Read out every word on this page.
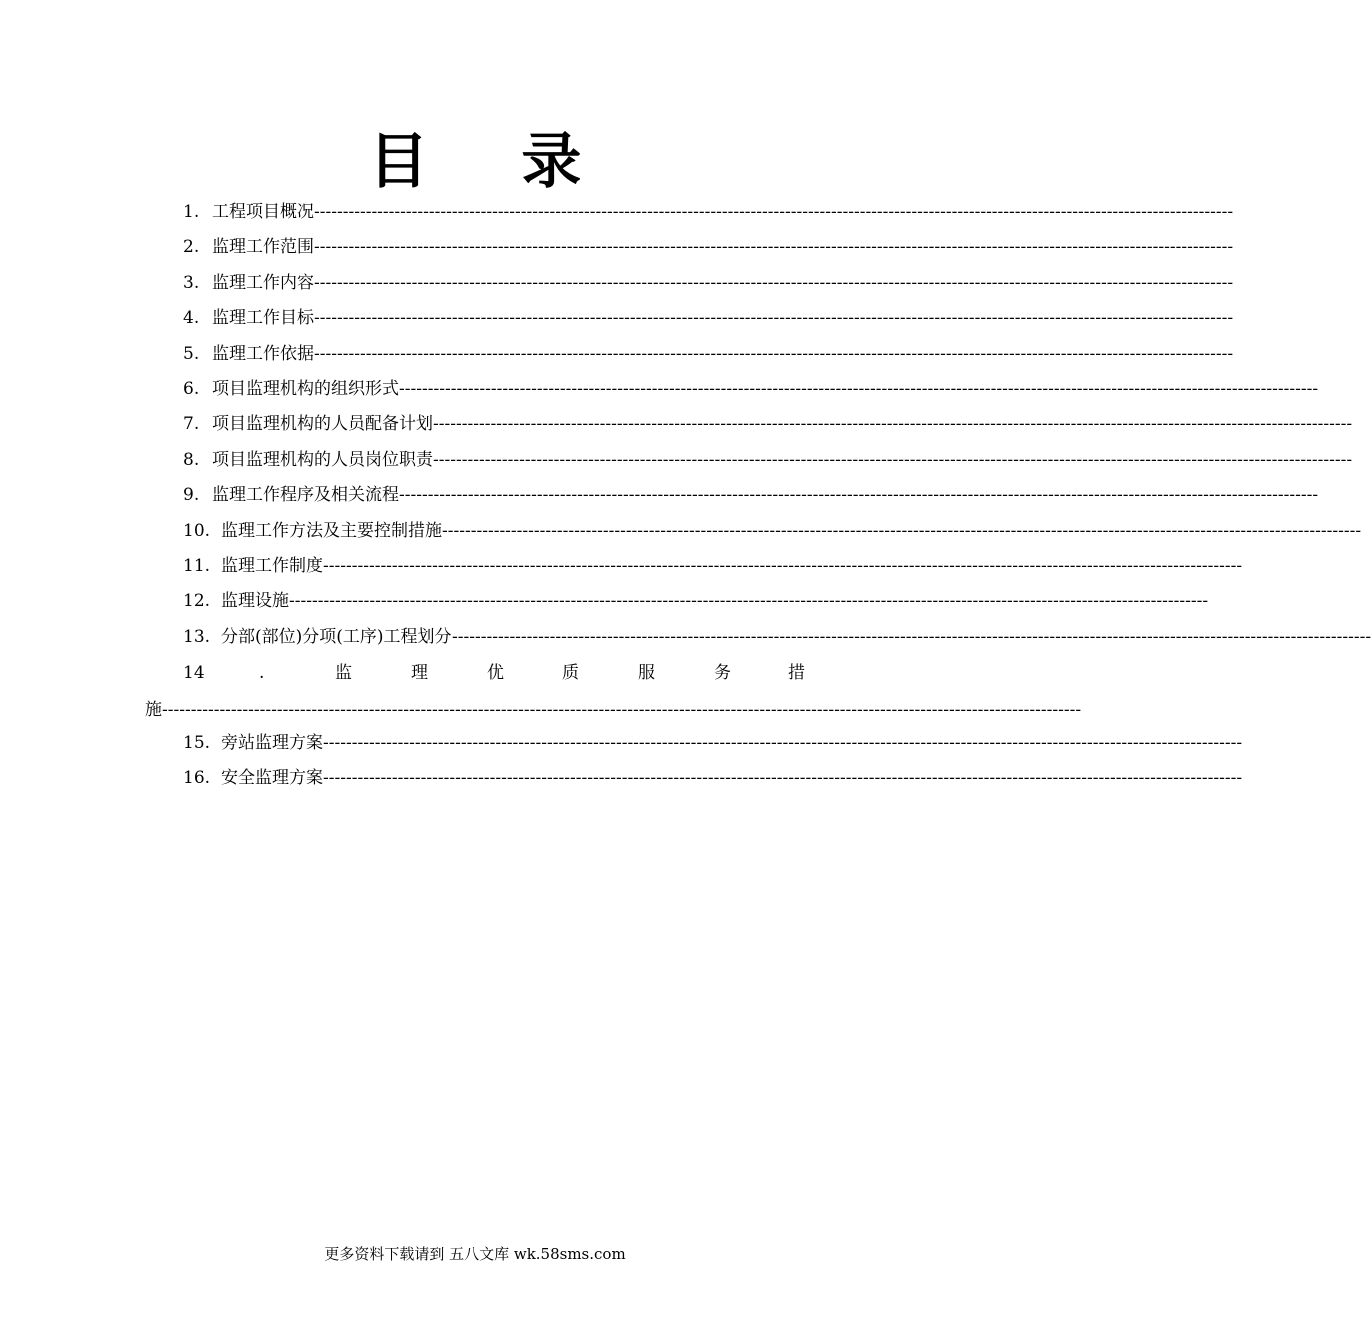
目 录
1. 工程项目概况 ----------------------------------------------------------------------------------------------------------------------------------------------------------------
2. 监理工作范围 ----------------------------------------------------------------------------------------------------------------------------------------------------------------
3. 监理工作内容 ----------------------------------------------------------------------------------------------------------------------------------------------------------------
4. 监理工作目标 ----------------------------------------------------------------------------------------------------------------------------------------------------------------
5. 监理工作依据 ----------------------------------------------------------------------------------------------------------------------------------------------------------------
6. 项目监理机构的组织形式 ----------------------------------------------------------------------------------------------------------------------------------------------------------------
7. 项目监理机构的人员配备计划 ----------------------------------------------------------------------------------------------------------------------------------------------------------------
8. 项目监理机构的人员岗位职责 ----------------------------------------------------------------------------------------------------------------------------------------------------------------
9. 监理工作程序及相关流程 ----------------------------------------------------------------------------------------------------------------------------------------------------------------
10. 监理工作方法及主要控制措施 ----------------------------------------------------------------------------------------------------------------------------------------------------------------
11. 监理工作制度 ----------------------------------------------------------------------------------------------------------------------------------------------------------------
12. 监理设施 ----------------------------------------------------------------------------------------------------------------------------------------------------------------
13. 分部(部位)分项(工序)工程划分 ----------------------------------------------------------------------------------------------------------------------------------------------------------------
14	.	监	理	优	质	服	务	措
施 ----------------------------------------------------------------------------------------------------------------------------------------------------------------
15. 旁站监理方案 ----------------------------------------------------------------------------------------------------------------------------------------------------------------
16. 安全监理方案 ----------------------------------------------------------------------------------------------------------------------------------------------------------------
更多资料下载请到 五八文库 wk.58sms.com
